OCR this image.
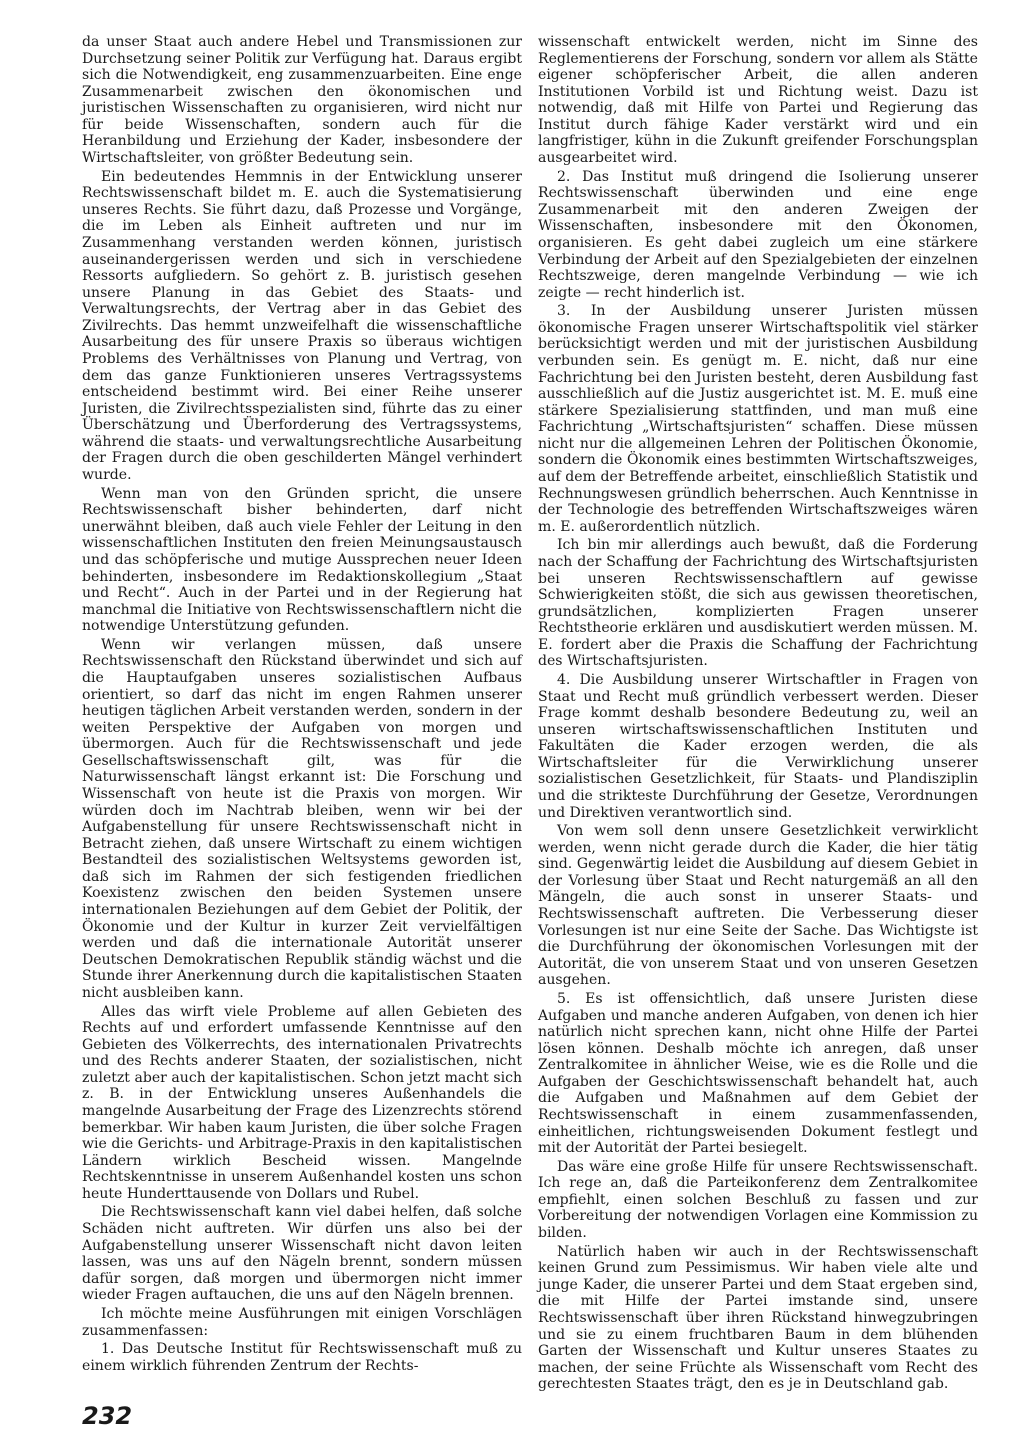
da unser Staat auch andere Hebel und Transmissionen zur Durchsetzung seiner Politik zur Verfügung hat. Daraus ergibt sich die Notwendigkeit, eng zusammenzuarbeiten. Eine enge Zusammenarbeit zwischen den ökonomischen und juristischen Wissenschaften zu organisieren, wird nicht nur für beide Wissenschaften, sondern auch für die Heranbildung und Erziehung der Kader, insbesondere der Wirtschaftsleiter, von größter Bedeutung sein.

Ein bedeutendes Hemmnis in der Entwicklung unserer Rechtswissenschaft bildet m. E. auch die Systematisierung unseres Rechts. Sie führt dazu, daß Prozesse und Vorgänge, die im Leben als Einheit auftreten und nur im Zusammenhang verstanden werden können, juristisch auseinandergerissen werden und sich in verschiedene Ressorts aufgliedern. So gehört z. B. juristisch gesehen unsere Planung in das Gebiet des Staats- und Verwaltungsrechts, der Vertrag aber in das Gebiet des Zivilrechts. Das hemmt unzweifelhaft die wissenschaftliche Ausarbeitung des für unsere Praxis so überaus wichtigen Problems des Verhältnisses von Planung und Vertrag, von dem das ganze Funktionieren unseres Vertragssystems entscheidend bestimmt wird. Bei einer Reihe unserer Juristen, die Zivilrechtsspezialisten sind, führte das zu einer Überschätzung und Überforderung des Vertragssystems, während die staats- und verwaltungsrechtliche Ausarbeitung der Fragen durch die oben geschilderten Mängel verhindert wurde.

Wenn man von den Gründen spricht, die unsere Rechtswissenschaft bisher behinderten, darf nicht unerwähnt bleiben, daß auch viele Fehler der Leitung in den wissenschaftlichen Instituten den freien Meinungsaustausch und das schöpferische und mutige Aussprechen neuer Ideen behinderten, insbesondere im Redaktionskollegium „Staat und Recht“. Auch in der Partei und in der Regierung hat manchmal die Initiative von Rechtswissenschaftlern nicht die notwendige Unterstützung gefunden.

Wenn wir verlangen müssen, daß unsere Rechtswissenschaft den Rückstand überwindet und sich auf die Hauptaufgaben unseres sozialistischen Aufbaus orientiert, so darf das nicht im engen Rahmen unserer heutigen täglichen Arbeit verstanden werden, sondern in der weiten Perspektive der Aufgaben von morgen und übermorgen. Auch für die Rechtswissenschaft und jede Gesellschaftswissenschaft gilt, was für die Naturwissenschaft längst erkannt ist: Die Forschung und Wissenschaft von heute ist die Praxis von morgen. Wir würden doch im Nachtrab bleiben, wenn wir bei der Aufgabenstellung für unsere Rechtswissenschaft nicht in Betracht ziehen, daß unsere Wirtschaft zu einem wichtigen Bestandteil des sozialistischen Weltsystems geworden ist, daß sich im Rahmen der sich festigenden friedlichen Koexistenz zwischen den beiden Systemen unsere internationalen Beziehungen auf dem Gebiet der Politik, der Ökonomie und der Kultur in kurzer Zeit vervielfältigen werden und daß die internationale Autorität unserer Deutschen Demokratischen Republik ständig wächst und die Stunde ihrer Anerkennung durch die kapitalistischen Staaten nicht ausbleiben kann.

Alles das wirft viele Probleme auf allen Gebieten des Rechts auf und erfordert umfassende Kenntnisse auf den Gebieten des Völkerrechts, des internationalen Privatrechts und des Rechts anderer Staaten, der sozialistischen, nicht zuletzt aber auch der kapitalistischen. Schon jetzt macht sich z. B. in der Entwicklung unseres Außenhandels die mangelnde Ausarbeitung der Frage des Lizenzrechts störend bemerkbar. Wir haben kaum Juristen, die über solche Fragen wie die Gerichts- und Arbitrage-Praxis in den kapitalistischen Ländern wirklich Bescheid wissen. Mangelnde Rechtskenntnisse in unserem Außenhandel kosten uns schon heute Hunderttausende von Dollars und Rubel.

Die Rechtswissenschaft kann viel dabei helfen, daß solche Schäden nicht auftreten. Wir dürfen uns also bei der Aufgabenstellung unserer Wissenschaft nicht davon leiten lassen, was uns auf den Nägeln brennt, sondern müssen dafür sorgen, daß morgen und übermorgen nicht immer wieder Fragen auftauchen, die uns auf den Nägeln brennen.

Ich möchte meine Ausführungen mit einigen Vorschlägen zusammenfassen:

1. Das Deutsche Institut für Rechtswissenschaft muß zu einem wirklich führenden Zentrum der Rechts-

wissenschaft entwickelt werden, nicht im Sinne des Reglementierens der Forschung, sondern vor allem als Stätte eigener schöpferischer Arbeit, die allen anderen Institutionen Vorbild ist und Richtung weist. Dazu ist notwendig, daß mit Hilfe von Partei und Regierung das Institut durch fähige Kader verstärkt wird und ein langfristiger, kühn in die Zukunft greifender Forschungsplan ausgearbeitet wird.

2. Das Institut muß dringend die Isolierung unserer Rechtswissenschaft überwinden und eine enge Zusammenarbeit mit den anderen Zweigen der Wissenschaften, insbesondere mit den Ökonomen, organisieren. Es geht dabei zugleich um eine stärkere Verbindung der Arbeit auf den Spezialgebieten der einzelnen Rechtszweige, deren mangelnde Verbindung — wie ich zeigte — recht hinderlich ist.

3. In der Ausbildung unserer Juristen müssen ökonomische Fragen unserer Wirtschaftspolitik viel stärker berücksichtigt werden und mit der juristischen Ausbildung verbunden sein. Es genügt m. E. nicht, daß nur eine Fachrichtung bei den Juristen besteht, deren Ausbildung fast ausschließlich auf die Justiz ausgerichtet ist. M. E. muß eine stärkere Spezialisierung stattfinden, und man muß eine Fachrichtung „Wirtschaftsjuristen“ schaffen. Diese müssen nicht nur die allgemeinen Lehren der Politischen Ökonomie, sondern die Ökonomik eines bestimmten Wirtschaftszweiges, auf dem der Betreffende arbeitet, einschließlich Statistik und Rechnungswesen gründlich beherrschen. Auch Kenntnisse in der Technologie des betreffenden Wirtschaftszweiges wären m. E. außerordentlich nützlich.

Ich bin mir allerdings auch bewußt, daß die Forderung nach der Schaffung der Fachrichtung des Wirtschaftsjuristen bei unseren Rechtswissenschaftlern auf gewisse Schwierigkeiten stößt, die sich aus gewissen theoretischen, grundsätzlichen, komplizierten Fragen unserer Rechtstheorie erklären und ausdiskutiert werden müssen. M. E. fordert aber die Praxis die Schaffung der Fachrichtung des Wirtschaftsjuristen.

4. Die Ausbildung unserer Wirtschaftler in Fragen von Staat und Recht muß gründlich verbessert werden. Dieser Frage kommt deshalb besondere Bedeutung zu, weil an unseren wirtschaftswissenschaftlichen Instituten und Fakultäten die Kader erzogen werden, die als Wirtschaftsleiter für die Verwirklichung unserer sozialistischen Gesetzlichkeit, für Staats- und Plandisziplin und die strikteste Durchführung der Gesetze, Verordnungen und Direktiven verantwortlich sind.

Von wem soll denn unsere Gesetzlichkeit verwirklicht werden, wenn nicht gerade durch die Kader, die hier tätig sind. Gegenwärtig leidet die Ausbildung auf diesem Gebiet in der Vorlesung über Staat und Recht naturgemäß an all den Mängeln, die auch sonst in unserer Staats- und Rechtswissenschaft auftreten. Die Verbesserung dieser Vorlesungen ist nur eine Seite der Sache. Das Wichtigste ist die Durchführung der ökonomischen Vorlesungen mit der Autorität, die von unserem Staat und von unseren Gesetzen ausgehen.

5. Es ist offensichtlich, daß unsere Juristen diese Aufgaben und manche anderen Aufgaben, von denen ich hier natürlich nicht sprechen kann, nicht ohne Hilfe der Partei lösen können. Deshalb möchte ich anregen, daß unser Zentralkomitee in ähnlicher Weise, wie es die Rolle und die Aufgaben der Geschichtswissenschaft behandelt hat, auch die Aufgaben und Maßnahmen auf dem Gebiet der Rechtswissenschaft in einem zusammenfassenden, einheitlichen, richtungsweisenden Dokument festlegt und mit der Autorität der Partei besiegelt.

Das wäre eine große Hilfe für unsere Rechtswissenschaft. Ich rege an, daß die Parteikonferenz dem Zentralkomitee empfiehlt, einen solchen Beschluß zu fassen und zur Vorbereitung der notwendigen Vorlagen eine Kommission zu bilden.

Natürlich haben wir auch in der Rechtswissenschaft keinen Grund zum Pessimismus. Wir haben viele alte und junge Kader, die unserer Partei und dem Staat ergeben sind, die mit Hilfe der Partei imstande sind, unsere Rechtswissenschaft über ihren Rückstand hinwegzubringen und sie zu einem fruchtbaren Baum in dem blühenden Garten der Wissenschaft und Kultur unseres Staates zu machen, der seine Früchte als Wissenschaft vom Recht des gerechtesten Staates trägt, den es je in Deutschland gab.

232
